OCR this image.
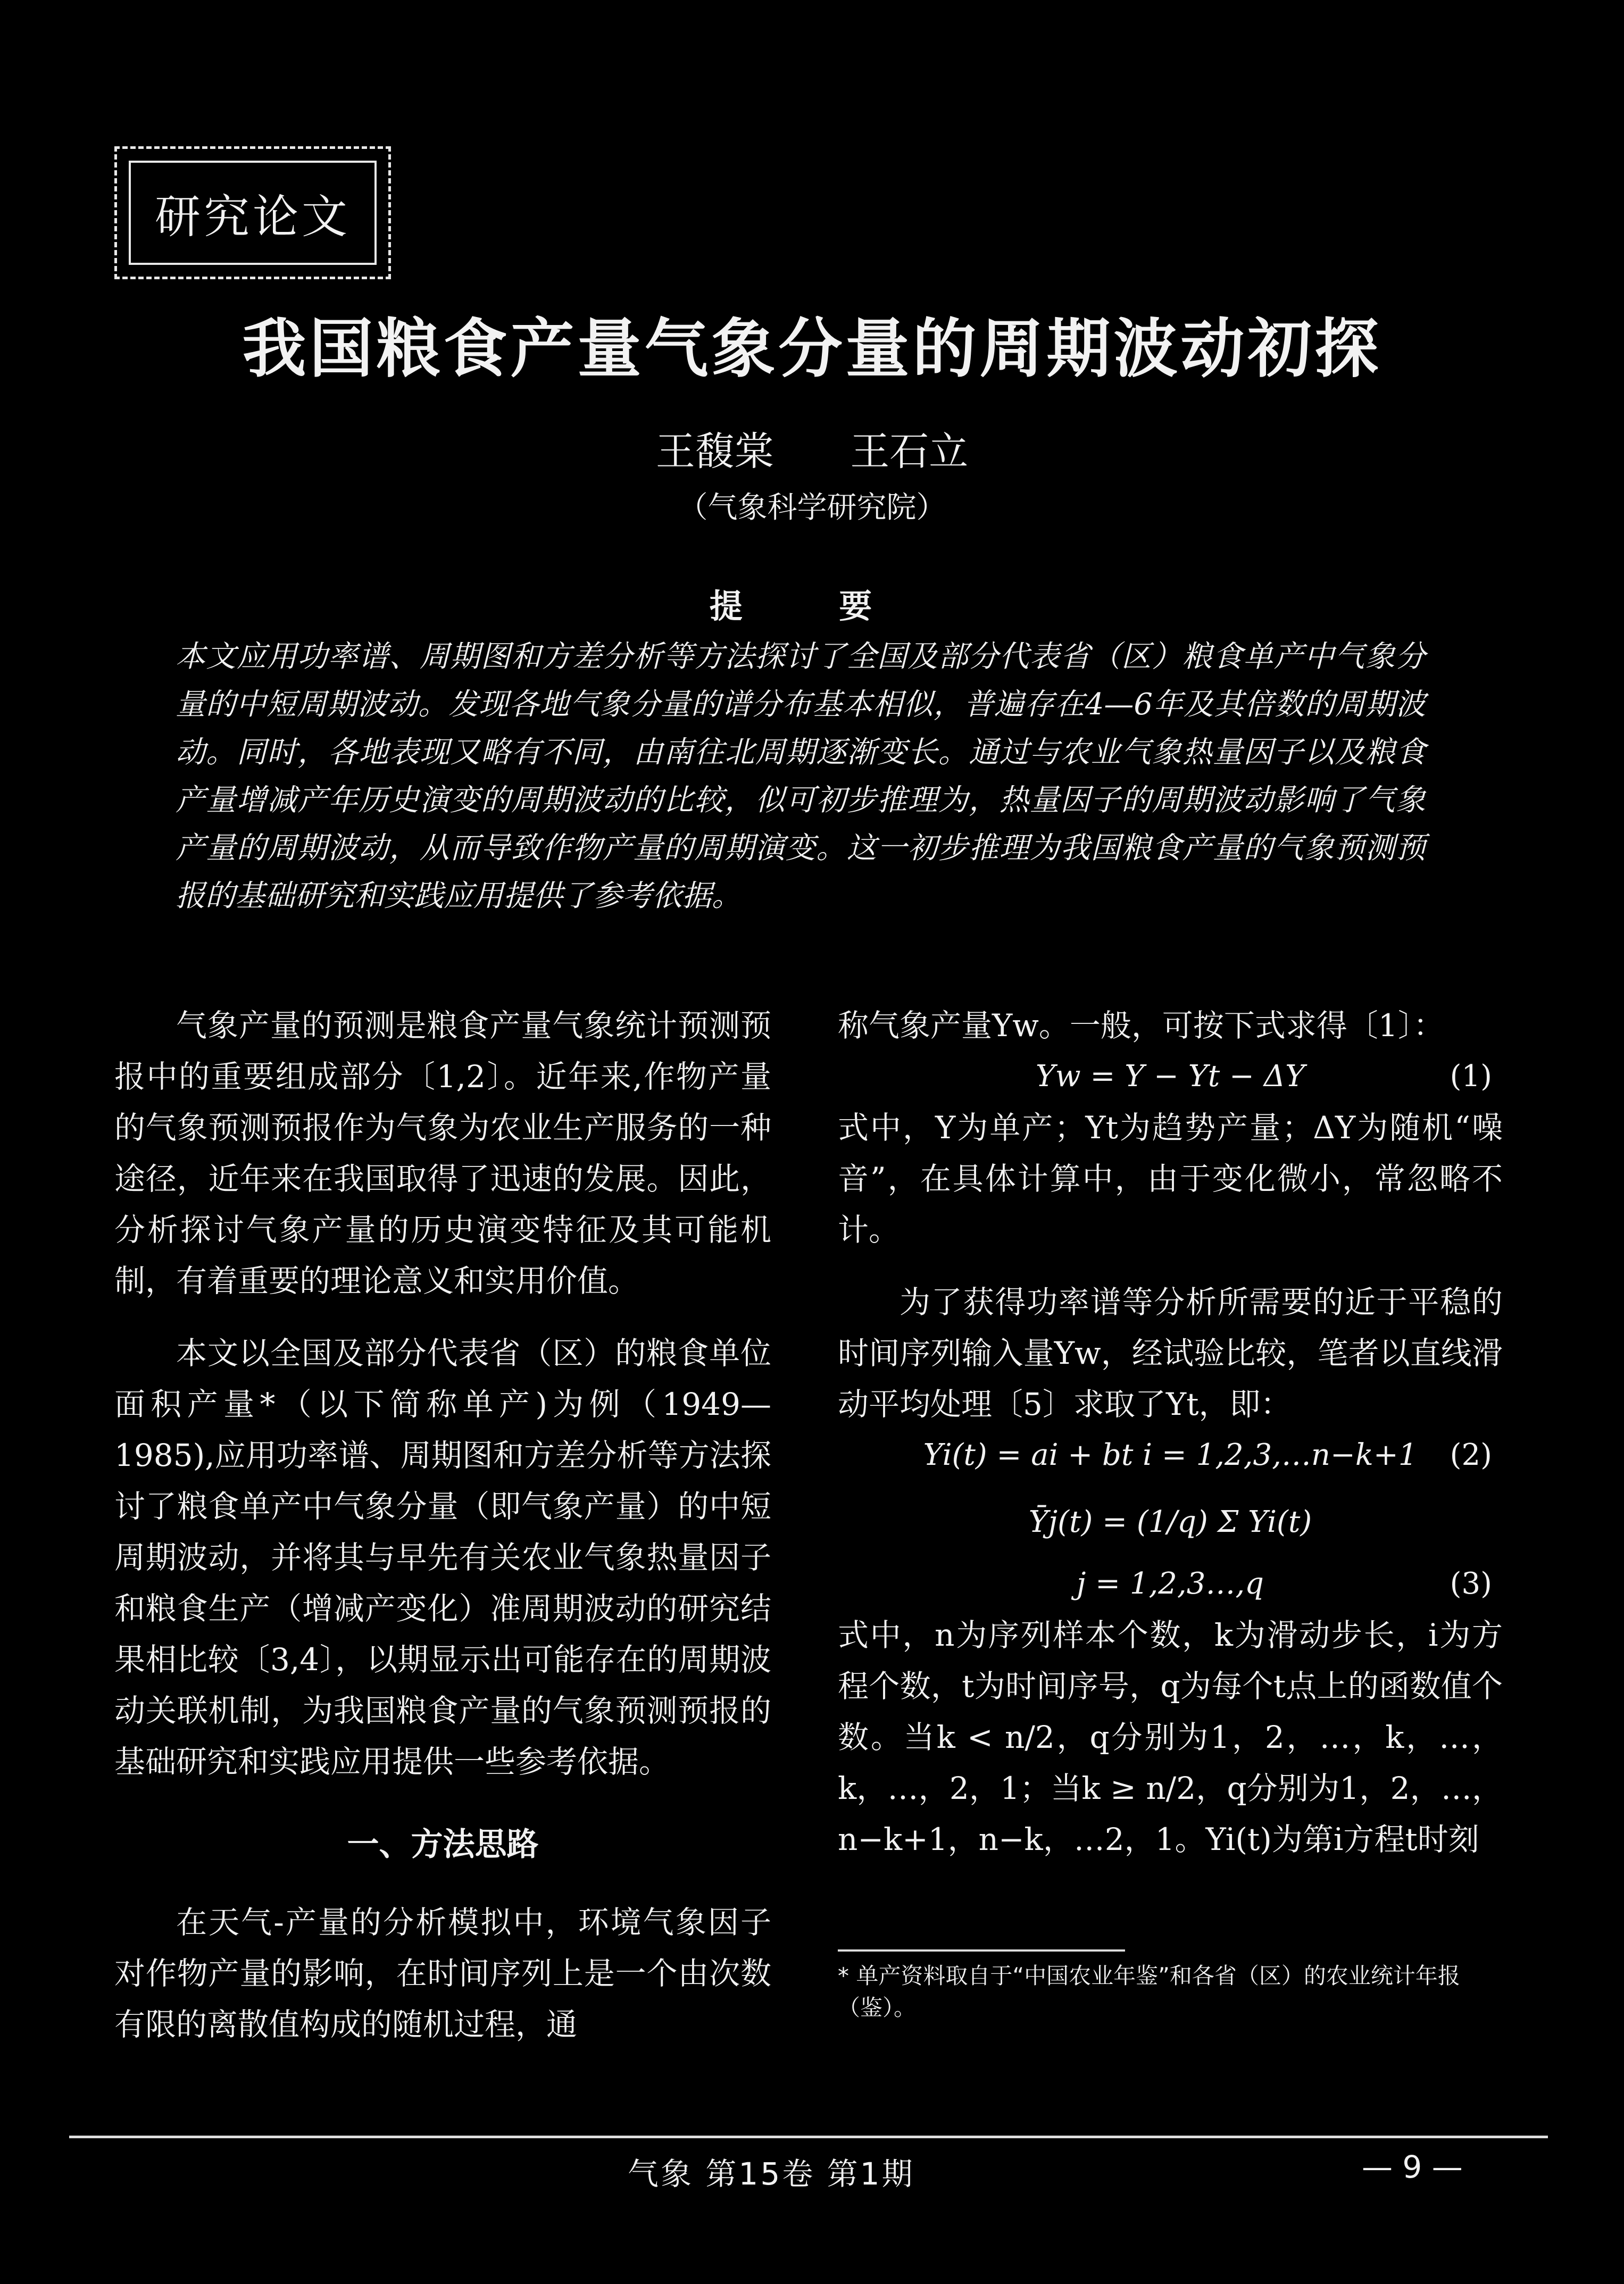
研究论文
我国粮食产量气象分量的周期波动初探
王馥棠 王石立
（气象科学研究院）
提 要
本文应用功率谱、周期图和方差分析等方法探讨了全国及部分代表省（区）粮食单产中气象分量的中短周期波动。发现各地气象分量的谱分布基本相似，普遍存在4—6年及其倍数的周期波动。同时，各地表现又略有不同，由南往北周期逐渐变长。通过与农业气象热量因子以及粮食产量增减产年历史演变的周期波动的比较，似可初步推理为，热量因子的周期波动影响了气象产量的周期波动，从而导致作物产量的周期演变。这一初步推理为我国粮食产量的气象预测预报的基础研究和实践应用提供了参考依据。

气象产量的预测是粮食产量气象统计预测预报中的重要组成部分〔1,2〕。近年来,作物产量的气象预测预报作为气象为农业生产服务的一种途径，近年来在我国取得了迅速的发展。因此，分析探讨气象产量的历史演变特征及其可能机制，有着重要的理论意义和实用价值。

本文以全国及部分代表省（区）的粮食单位面积产量*（以下简称单产)为例（1949—1985),应用功率谱、周期图和方差分析等方法探讨了粮食单产中气象分量（即气象产量）的中短周期波动，并将其与早先有关农业气象热量因子和粮食生产（增减产变化）准周期波动的研究结果相比较〔3,4〕，以期显示出可能存在的周期波动关联机制，为我国粮食产量的气象预测预报的基础研究和实践应用提供一些参考依据。

一、方法思路

在天气-产量的分析模拟中，环境气象因子对作物产量的影响，在时间序列上是一个由次数有限的离散值构成的随机过程，通

称气象产量Yw。一般，可按下式求得〔1〕：

Yw = Y − Yt − ΔY	(1)

式中，Y为单产；Yt为趋势产量；ΔY为随机“噪音”，在具体计算中，由于变化微小，常忽略不计。

为了获得功率谱等分析所需要的近于平稳的时间序列输入量Yw，经试验比较，笔者以直线滑动平均处理〔5〕求取了Yt，即：

Yi(t) = ai + bt i = 1,2,3,…n−k+1 (2)
Ȳj(t) = (1/q) Σ Yi(t)
j = 1,2,3…,q	(3)

式中，n为序列样本个数，k为滑动步长，i为方程个数，t为时间序号，q为每个t点上的函数值个数。当k < n/2，q分别为1，2，…，k，…，k，…，2，1；当k ≥ n/2，q分别为1，2，…，n−k+1，n−k，…2，1。Yi(t)为第i方程t时刻

* 单产资料取自于“中国农业年鉴”和各省（区）的农业统计年报（鉴）。
气象 第15卷 第1期	— 9 —
